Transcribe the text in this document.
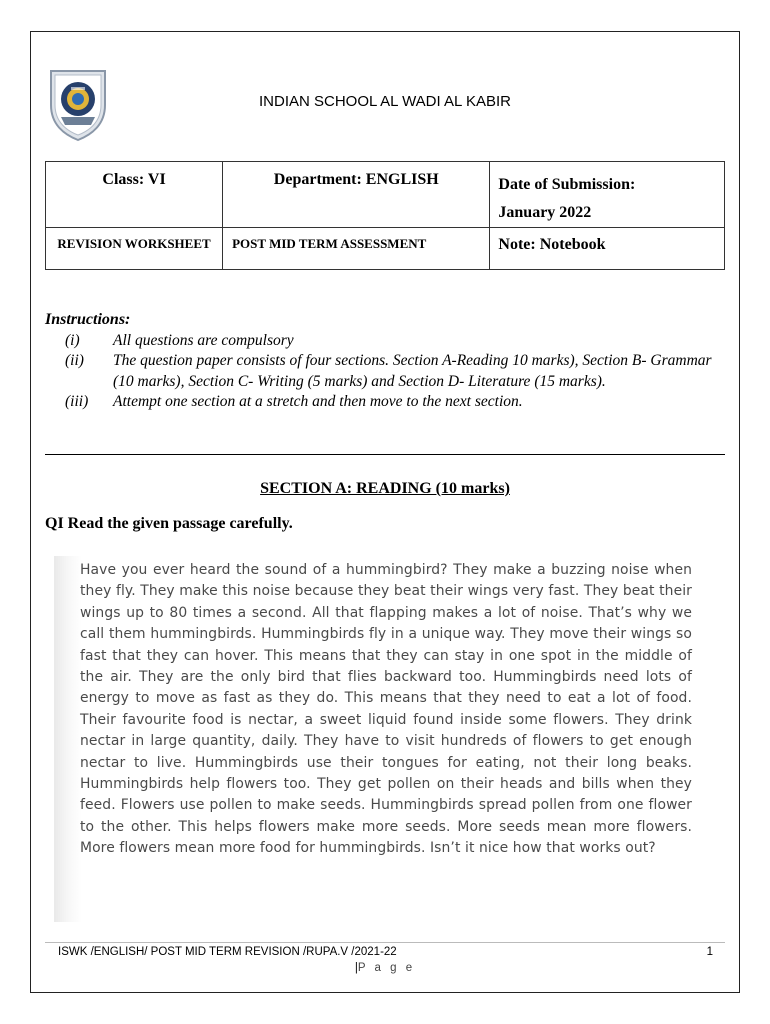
INDIAN SCHOOL AL WADI AL KABIR
Class: VI	Department: ENGLISH	Date of Submission:
January 2022

REVISION WORKSHEET	POST MID TERM ASSESSMENT	Note: Notebook
Instructions:
(i)	All questions are compulsory
(ii)	The question paper consists of four sections. Section A-Reading 10 marks), Section B- Grammar (10 marks), Section C- Writing (5 marks) and Section D- Literature (15 marks).
(iii)	Attempt one section at a stretch and then move to the next section.
SECTION A: READING (10 marks)
QI Read the given passage carefully.
Have you ever heard the sound of a hummingbird? They make a buzzing noise when they fly. They make this noise because they beat their wings very fast. They beat their wings up to 80 times a second. All that flapping makes a lot of noise. That’s why we call them hummingbirds. Hummingbirds fly in a unique way. They move their wings so fast that they can hover. This means that they can stay in one spot in the middle of the air. They are the only bird that flies backward too. Hummingbirds need lots of energy to move as fast as they do. This means that they need to eat a lot of food. Their favourite food is nectar, a sweet liquid found inside some flowers. They drink nectar in large quantity, daily. They have to visit hundreds of flowers to get enough nectar to live. Hummingbirds use their tongues for eating, not their long beaks. Hummingbirds help flowers too. They get pollen on their heads and bills when they feed. Flowers use pollen to make seeds. Hummingbirds spread pollen from one flower to the other. This helps flowers make more seeds. More seeds mean more flowers. More flowers mean more food for hummingbirds. Isn’t it nice how that works out?
ISWK /ENGLISH/ POST MID TERM REVISION /RUPA.V /2021-22	1
|P a g e
